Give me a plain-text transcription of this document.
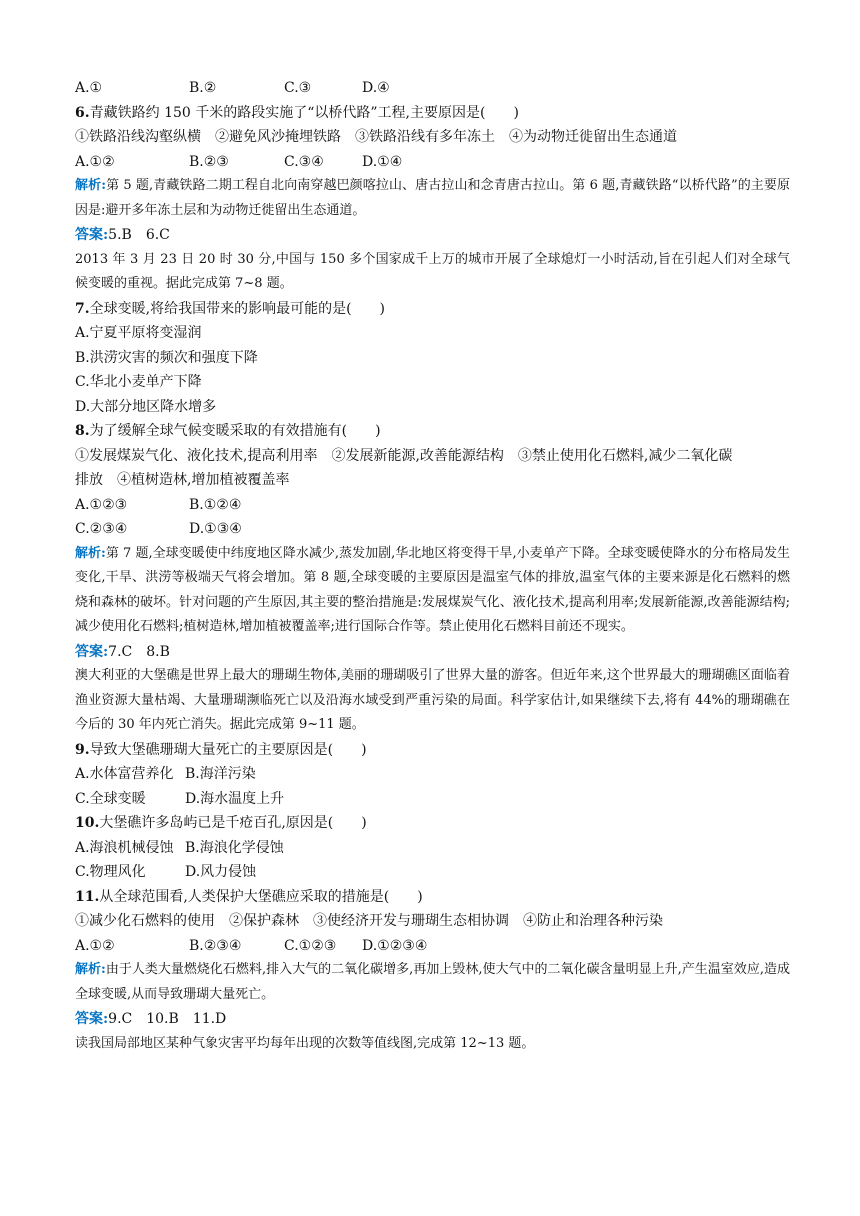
A.①	B.②	C.③	D.④
6.青藏铁路约 150 千米的路段实施了“以桥代路”工程,主要原因是(　　)
①铁路沿线沟壑纵横　②避免风沙掩埋铁路　③铁路沿线有多年冻土　④为动物迁徙留出生态通道
A.①②	B.②③	C.③④	D.①④
解析:第 5 题,青藏铁路二期工程自北向南穿越巴颜喀拉山、唐古拉山和念青唐古拉山。第 6 题,青藏铁路“以桥代路”的主要原因是:避开多年冻土层和为动物迁徙留出生态通道。
答案:5.B　6.C
2013 年 3 月 23 日 20 时 30 分,中国与 150 多个国家成千上万的城市开展了全球熄灯一小时活动,旨在引起人们对全球气候变暖的重视。据此完成第 7~8 题。
7.全球变暖,将给我国带来的影响最可能的是(　　)
A.宁夏平原将变湿润
B.洪涝灾害的频次和强度下降
C.华北小麦单产下降
D.大部分地区降水增多
8.为了缓解全球气候变暖采取的有效措施有(　　)
①发展煤炭气化、液化技术,提高利用率　②发展新能源,改善能源结构　③禁止使用化石燃料,减少二氧化碳
排放　④植树造林,增加植被覆盖率
A.①②③	B.①②④
C.②③④	D.①③④
解析:第 7 题,全球变暖使中纬度地区降水减少,蒸发加剧,华北地区将变得干旱,小麦单产下降。全球变暖使降水的分布格局发生变化,干旱、洪涝等极端天气将会增加。第 8 题,全球变暖的主要原因是温室气体的排放,温室气体的主要来源是化石燃料的燃烧和森林的破坏。针对问题的产生原因,其主要的整治措施是:发展煤炭气化、液化技术,提高利用率;发展新能源,改善能源结构;减少使用化石燃料;植树造林,增加植被覆盖率;进行国际合作等。禁止使用化石燃料目前还不现实。
答案:7.C　8.B
澳大利亚的大堡礁是世界上最大的珊瑚生物体,美丽的珊瑚吸引了世界大量的游客。但近年来,这个世界最大的珊瑚礁区面临着渔业资源大量枯竭、大量珊瑚濒临死亡以及沿海水域受到严重污染的局面。科学家估计,如果继续下去,将有 44%的珊瑚礁在今后的 30 年内死亡消失。据此完成第 9~11 题。
9.导致大堡礁珊瑚大量死亡的主要原因是(　　)
A.水体富营养化 B.海洋污染
C.全球变暖	D.海水温度上升
10.大堡礁许多岛屿已是千疮百孔,原因是(　　)
A.海浪机械侵蚀 B.海浪化学侵蚀
C.物理风化	D.风力侵蚀
11.从全球范围看,人类保护大堡礁应采取的措施是(　　)
①减少化石燃料的使用　②保护森林　③使经济开发与珊瑚生态相协调　④防止和治理各种污染
A.①②	B.②③④	C.①②③ D.①②③④
解析:由于人类大量燃烧化石燃料,排入大气的二氧化碳增多,再加上毁林,使大气中的二氧化碳含量明显上升,产生温室效应,造成全球变暖,从而导致珊瑚大量死亡。
答案:9.C　10.B　11.D
读我国局部地区某种气象灾害平均每年出现的次数等值线图,完成第 12~13 题。
